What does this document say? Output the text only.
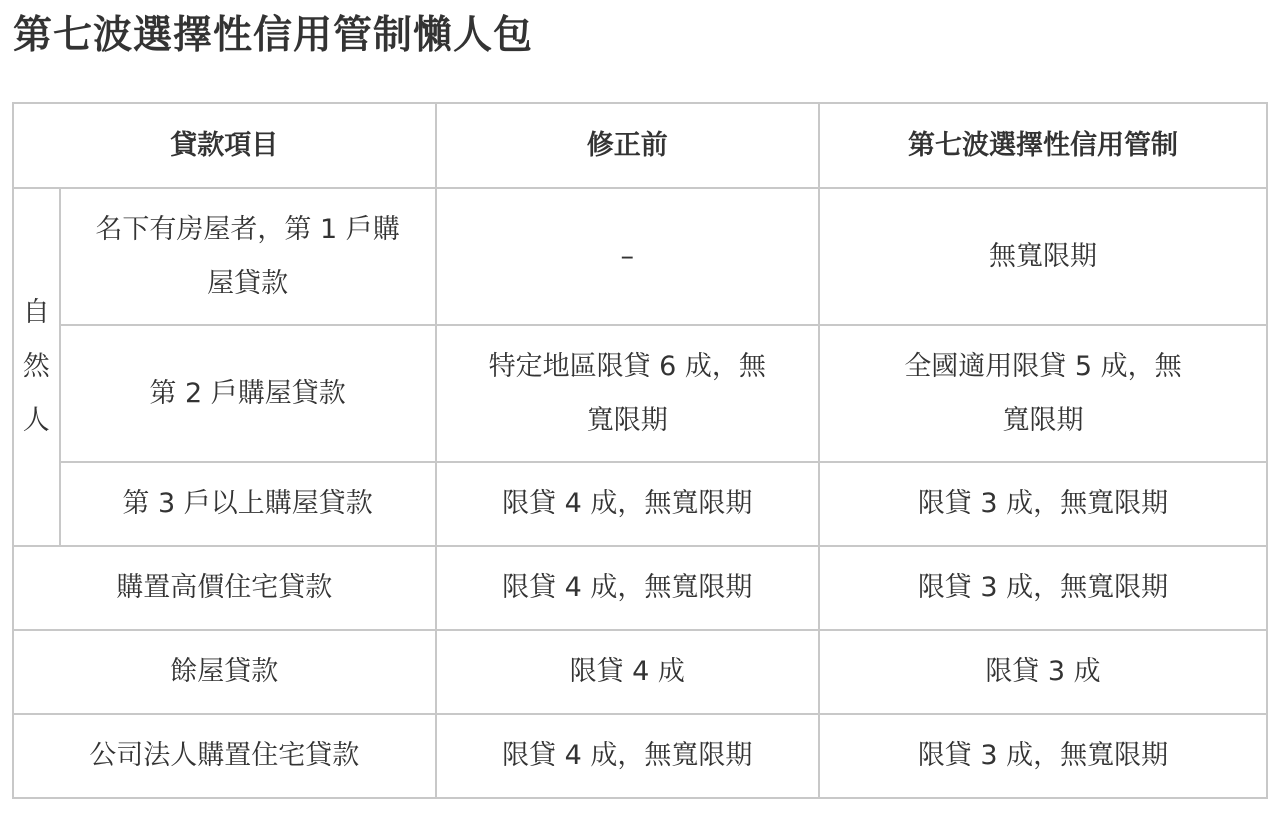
第七波選擇性信用管制懶人包
貸款項目		修正前	第七波選擇性信用管制
自然人	名下有房屋者，第 1 戶購屋貸款	–	無寬限期
	第 2 戶購屋貸款	特定地區限貸 6 成，無寬限期	全國適用限貸 5 成，無寬限期
	第 3 戶以上購屋貸款	限貸 4 成，無寬限期	限貸 3 成，無寬限期
購置高價住宅貸款		限貸 4 成，無寬限期	限貸 3 成，無寬限期
餘屋貸款		限貸 4 成	限貸 3 成
公司法人購置住宅貸款		限貸 4 成，無寬限期	限貸 3 成，無寬限期
